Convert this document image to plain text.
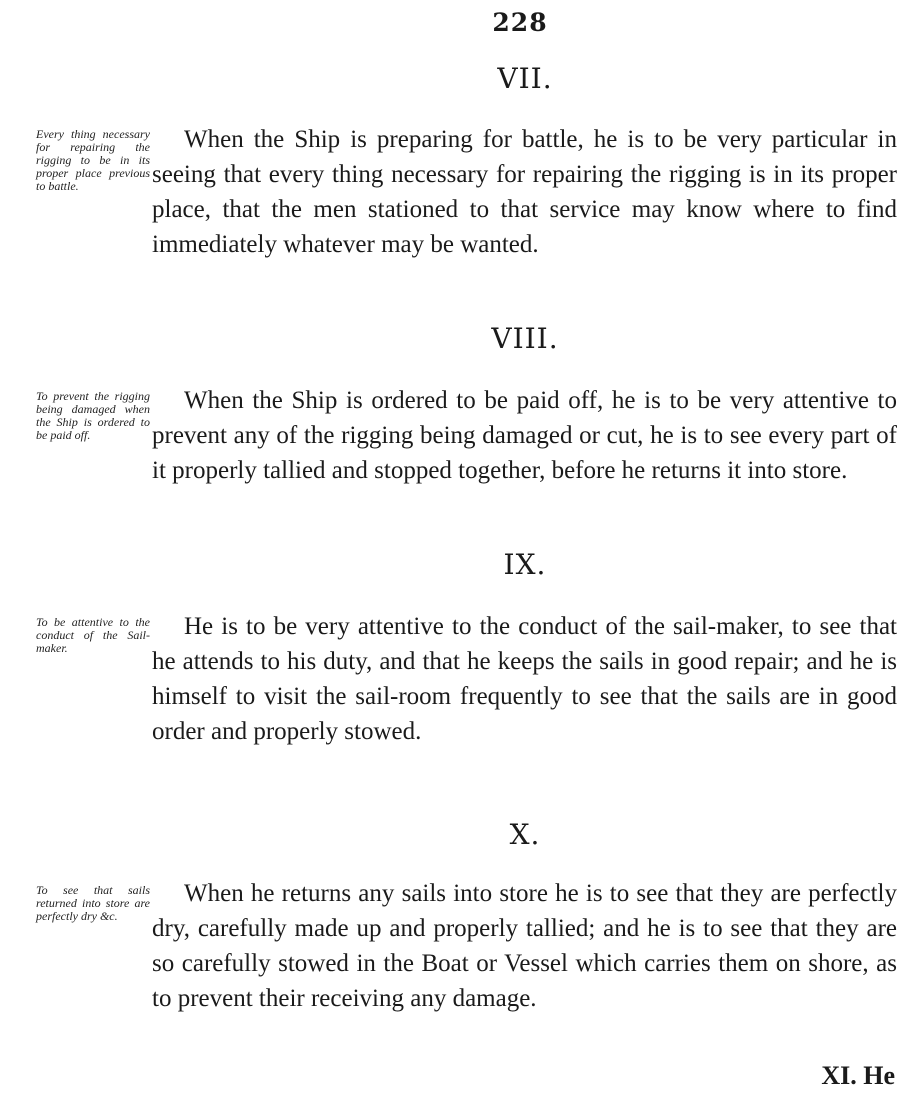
228
VII.
Every thing necessary for repairing the rigging to be in its proper place previous to battle.

When the Ship is preparing for battle, he is to be very particular in seeing that every thing necessary for repairing the rigging is in its proper place, that the men stationed to that service may know where to find immediately whatever may be wanted.

VIII.
To prevent the rigging being damaged when the Ship is ordered to be paid off.

When the Ship is ordered to be paid off, he is to be very attentive to prevent any of the rigging being damaged or cut, he is to see every part of it properly tallied and stopped together, before he returns it into store.

IX.
To be attentive to the conduct of the Sail-maker.

He is to be very attentive to the conduct of the sail-maker, to see that he attends to his duty, and that he keeps the sails in good repair; and he is himself to visit the sail-room frequently to see that the sails are in good order and properly stowed.

X.
To see that sails returned into store are perfectly dry &c.

When he returns any sails into store he is to see that they are perfectly dry, carefully made up and properly tallied; and he is to see that they are so carefully stowed in the Boat or Vessel which carries them on shore, as to prevent their receiving any damage.

XI. He
